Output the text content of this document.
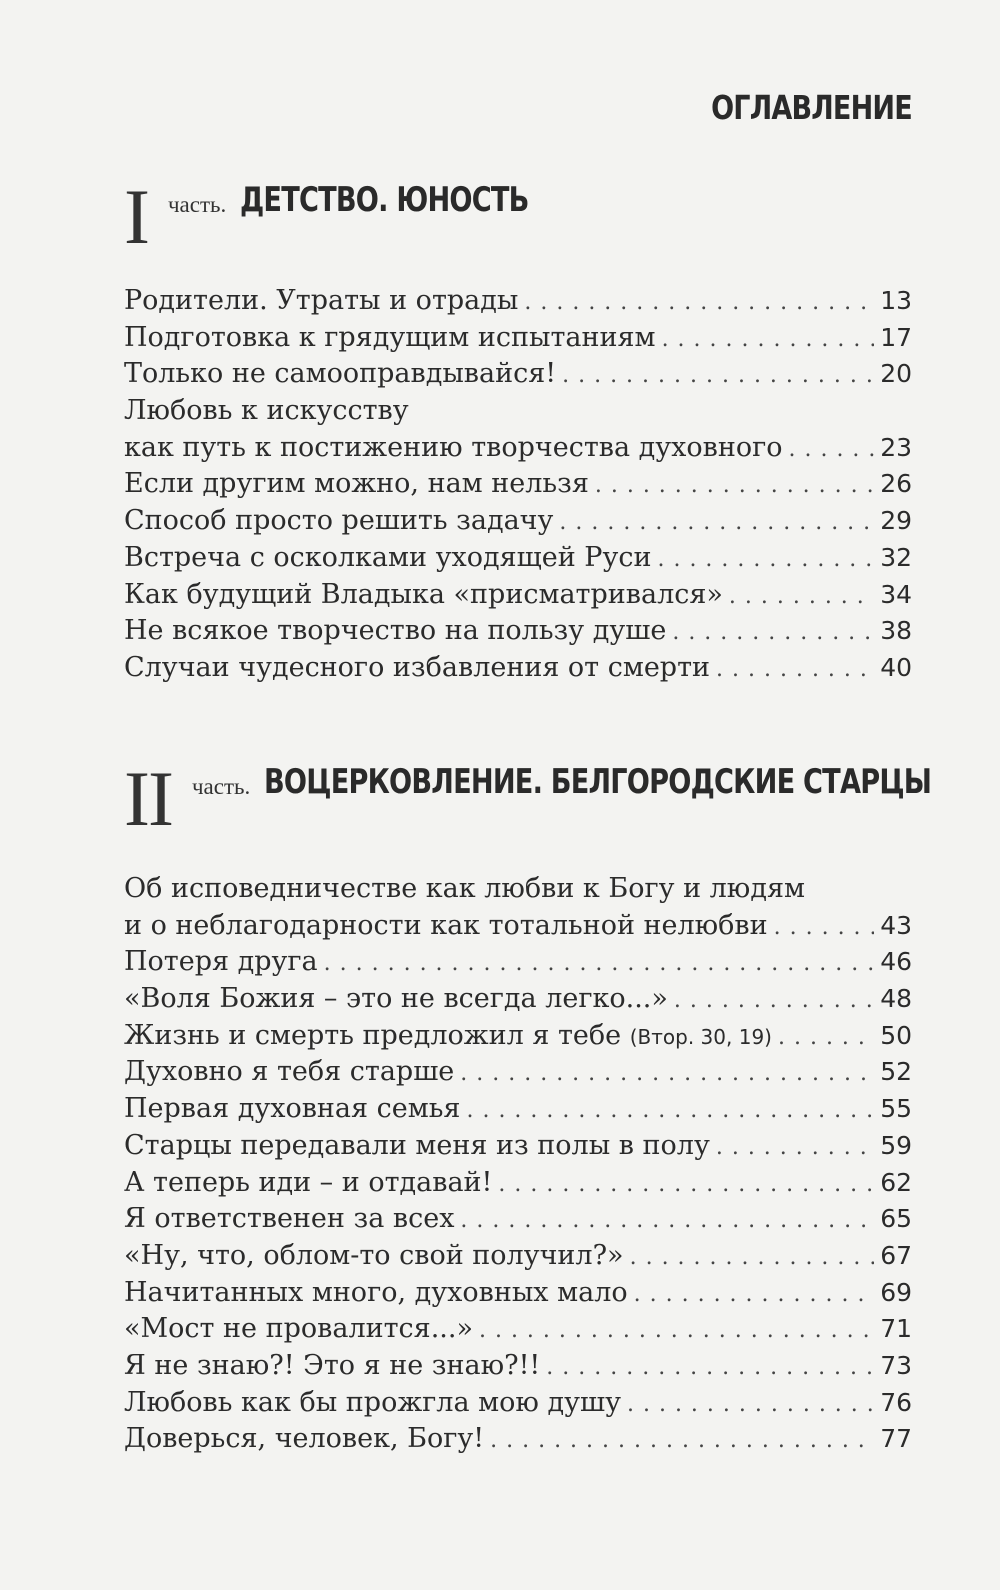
ОГЛАВЛЕНИЕ
I часть. ДЕТСТВО. ЮНОСТЬ
Родители. Утраты и отрады . . .	13
Подготовка к грядущим испытаниям . . .	17
Только не самооправдывайся! . . .	20
Любовь к искусству
как путь к постижению творчества духовного . . .	23
Если другим можно, нам нельзя . . .	26
Способ просто решить задачу . . .	29
Встреча с осколками уходящей Руси . . .	32
Как будущий Владыка «присматривался» . . .	34
Не всякое творчество на пользу душе . . .	38
Случаи чудесного избавления от смерти . . .	40
II часть. ВОЦЕРКОВЛЕНИЕ. БЕЛГОРОДСКИЕ СТАРЦЫ
Об исповедничестве как любви к Богу и людям
и о неблагодарности как тотальной нелюбви . . .	43
Потеря друга . . .	46
«Воля Божия – это не всегда легко...» . . .	48
Жизнь и смерть предложил я тебе (Втор. 30, 19) . . .	50
Духовно я тебя старше . . .	52
Первая духовная семья . . .	55
Старцы передавали меня из полы в полу . . .	59
А теперь иди – и отдавай! . . .	62
Я ответственен за всех . . .	65
«Ну, что, облом-то свой получил?» . . .	67
Начитанных много, духовных мало . . .	69
«Мост не провалится...» . . .	71
Я не знаю?! Это я не знаю?!! . . .	73
Любовь как бы прожгла мою душу . . .	76
Доверься, человек, Богу! . . .	77
